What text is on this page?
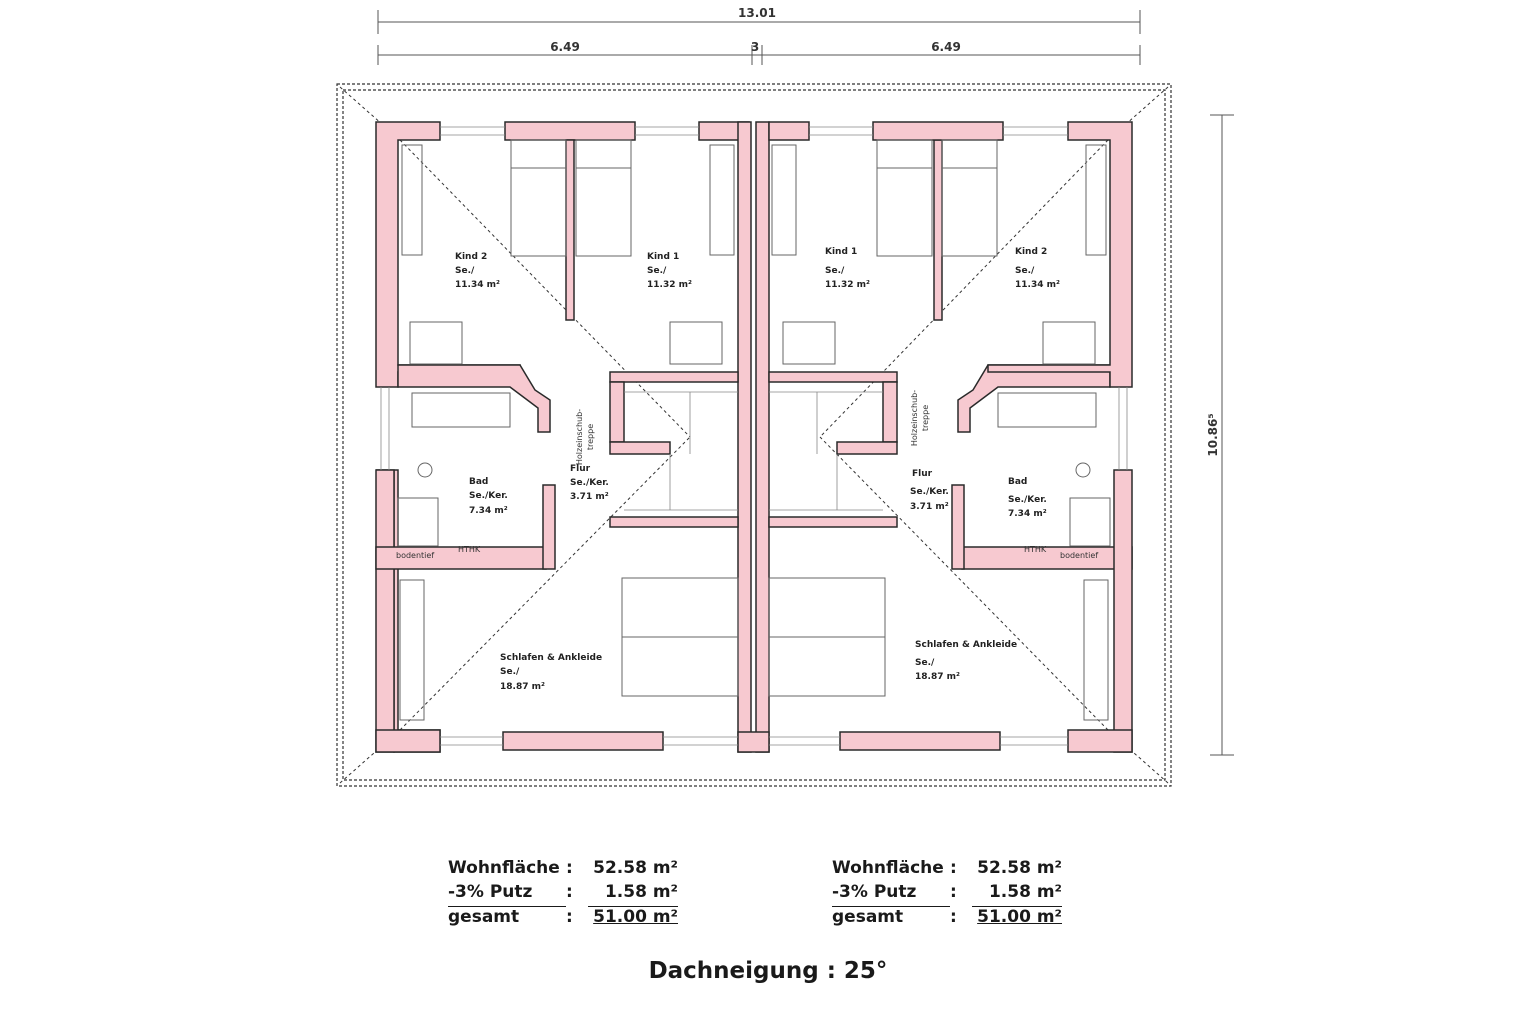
13.01
6.49	3	6.49
10.86⁵
Kind 2
Se./
11.34 m²
Kind 1
Se./
11.32 m²
Bad
Se./Ker.
7.34 m²
Flur
Se./Ker.
3.71 m²
Schlafen & Ankleide
Se./
18.87 m²
Holzeinschub- treppe
bodentief
HTHK
Kind 1
Se./
11.32 m²
Kind 2
Se./
11.34 m²
Flur
Se./Ker.
3.71 m²
Bad
Se./Ker.
7.34 m²
Schlafen & Ankleide
Se./
18.87 m²
Holzeinschub- treppe
bodentief
HTHK
Wohnfläche	:	52.58 m²
-3% Putz	:	1.58 m²
gesamt	:	51.00 m²
Wohnfläche	:	52.58 m²
-3% Putz	:	1.58 m²
gesamt	:	51.00 m²
Dachneigung : 25°
